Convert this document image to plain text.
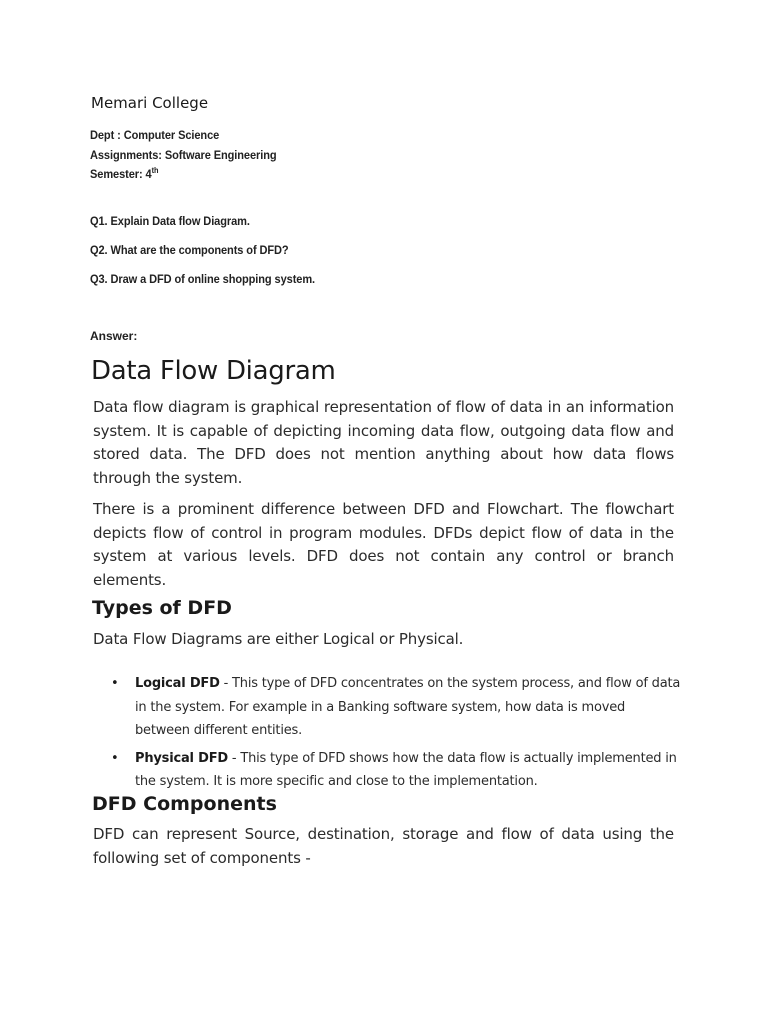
Memari College
Dept : Computer Science
Assignments: Software Engineering
Semester: 4th
Q1. Explain Data flow Diagram.
Q2. What are the components of DFD?
Q3. Draw a DFD of online shopping system.
Answer:
Data Flow Diagram

Data flow diagram is graphical representation of flow of data in an information system. It is capable of depicting incoming data flow, outgoing data flow and stored data. The DFD does not mention anything about how data flows through the system.

There is a prominent difference between DFD and Flowchart. The flowchart depicts flow of control in program modules. DFDs depict flow of data in the system at various levels. DFD does not contain any control or branch elements.

Types of DFD

Data Flow Diagrams are either Logical or Physical.

• Logical DFD - This type of DFD concentrates on the system process, and flow of data in the system. For example in a Banking software system, how data is moved between different entities.
• Physical DFD - This type of DFD shows how the data flow is actually implemented in the system. It is more specific and close to the implementation.
DFD Components

DFD can represent Source, destination, storage and flow of data using the following set of components -
